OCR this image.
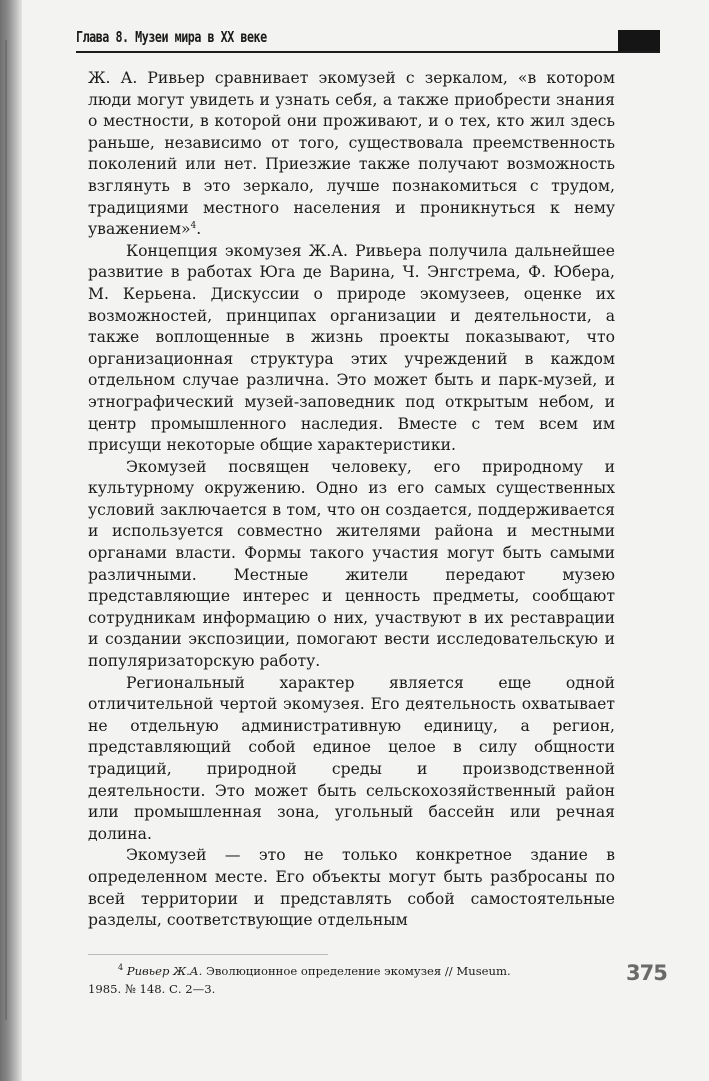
Глава 8. Музеи мира в XX веке

Ж. А. Ривьер сравнивает экомузей с зеркалом, «в котором люди могут увидеть и узнать себя, а также приобрести знания о местности, в которой они проживают, и о тех, кто жил здесь раньше, независимо от того, существовала преемственность поколений или нет. Приезжие также получают возможность взглянуть в это зеркало, лучше познакомиться с трудом, традициями местного населения и проникнуться к нему уважением»$^4$.

Концепция экомузея Ж.А. Ривьера получила дальнейшее развитие в работах Юга де Варина, Ч. Энгстрема, Ф. Юбера, М. Керьена. Дискуссии о природе экомузеев, оценке их возможностей, принципах организации и деятельности, а также воплощенные в жизнь проекты показывают, что организационная структура этих учреждений в каждом отдельном случае различна. Это может быть и парк-музей, и этнографический музей-заповедник под открытым небом, и центр промышленного наследия. Вместе с тем всем им присущи некоторые общие характеристики.

Экомузей посвящен человеку, его природному и культурному окружению. Одно из его самых существенных условий заключается в том, что он создается, поддерживается и используется совместно жителями района и местными органами власти. Формы такого участия могут быть самыми различными. Местные жители передают музею представляющие интерес и ценность предметы, сообщают сотрудникам информацию о них, участвуют в их реставрации и создании экспозиции, помогают вести исследовательскую и популяризаторскую работу.

Региональный характер является еще одной отличительной чертой экомузея. Его деятельность охватывает не отдельную административную единицу, а регион, представляющий собой единое целое в силу общности традиций, природной среды и производственной деятельности. Это может быть сельскохозяйственный район или промышленная зона, угольный бассейн или речная долина.

Экомузей — это не только конкретное здание в определенном месте. Его объекты могут быть разбросаны по всей территории и представлять собой самостоятельные разделы, соответствующие отдельным

$^4$ Ривьер Ж.А. Эволюционное определение экомузея // Museum.

1985. № 148. С. 2—3.

375
